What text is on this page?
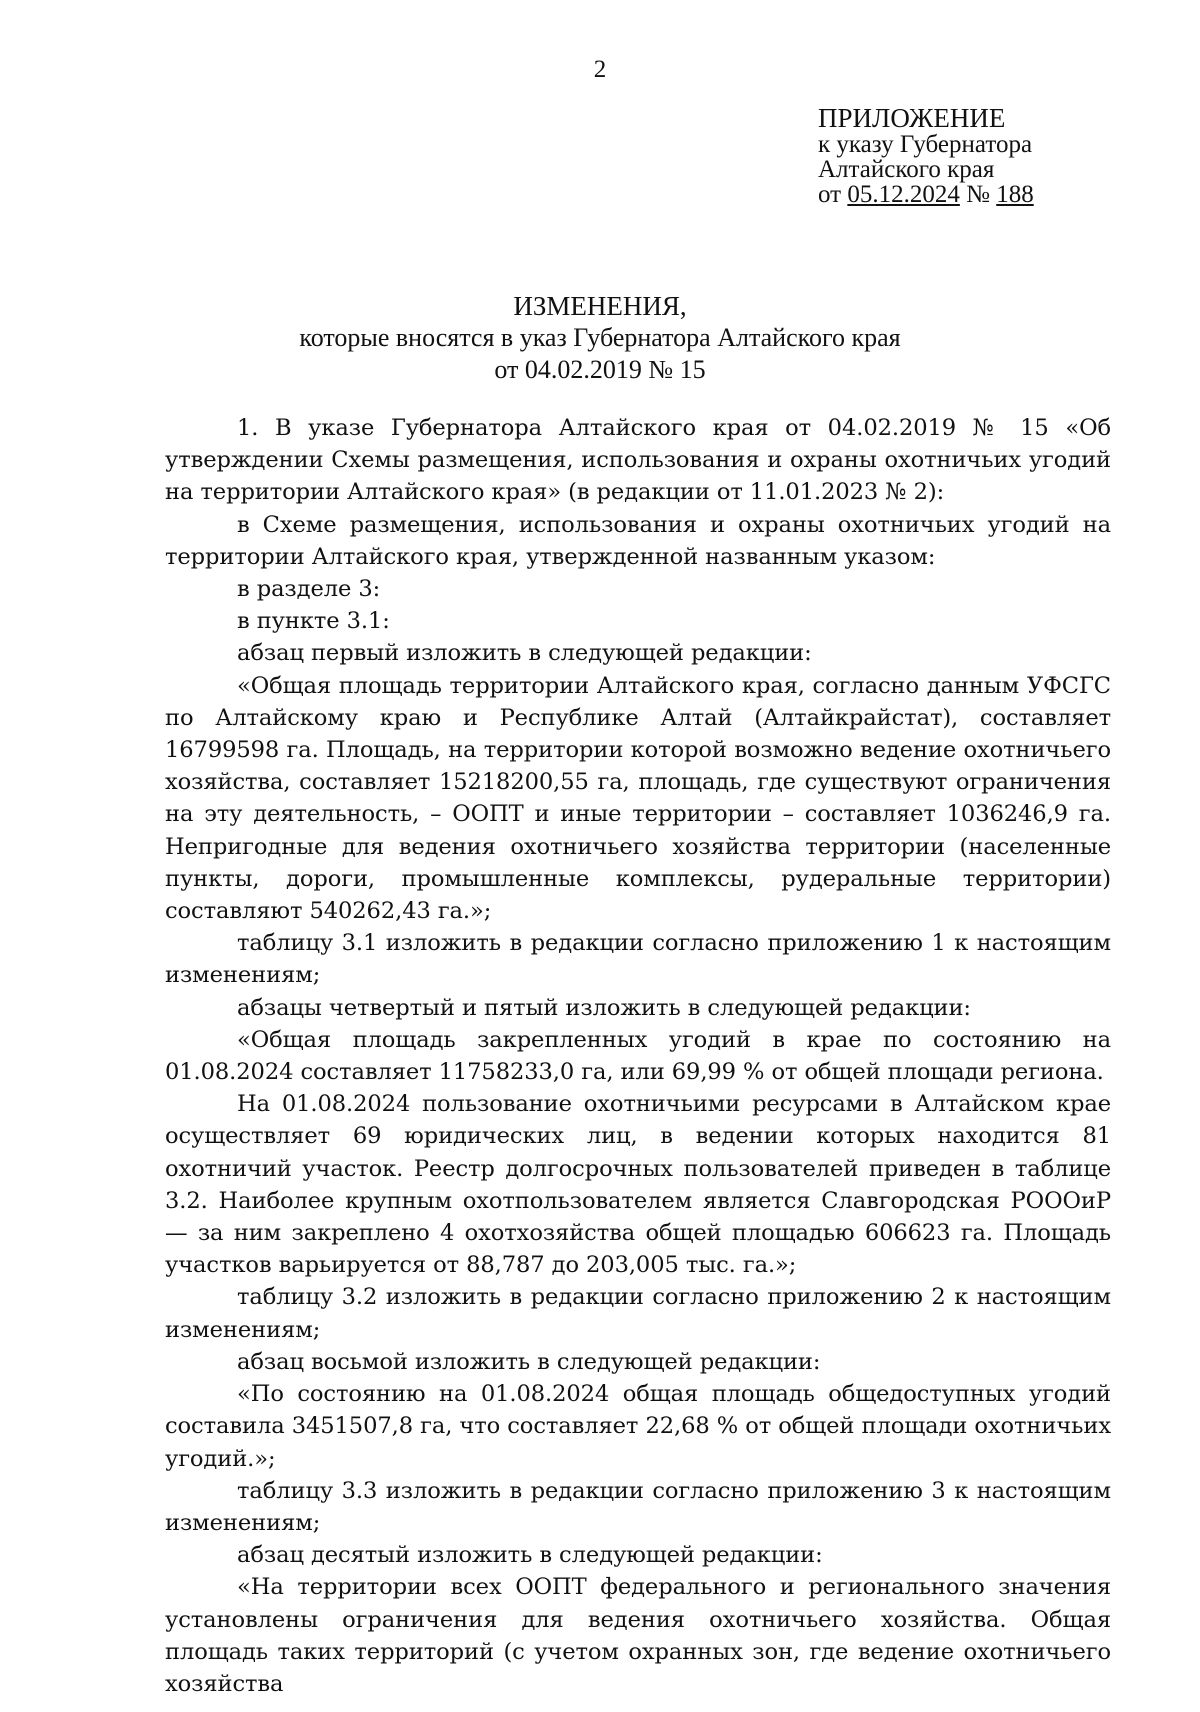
2
ПРИЛОЖЕНИЕ
к указу Губернатора
Алтайского края
от 05.12.2024 № 188
ИЗМЕНЕНИЯ,
которые вносятся в указ Губернатора Алтайского края
от 04.02.2019 № 15

1. В указе Губернатора Алтайского края от 04.02.2019 № 15 «Об утверждении Схемы размещения, использования и охраны охотничьих угодий на территории Алтайского края» (в редакции от 11.01.2023 № 2):

в Схеме размещения, использования и охраны охотничьих угодий на территории Алтайского края, утвержденной названным указом:

в разделе 3:

в пункте 3.1:

абзац первый изложить в следующей редакции:

«Общая площадь территории Алтайского края, согласно данным УФСГС по Алтайскому краю и Республике Алтай (Алтайкрайстат), составляет 16799598 га. Площадь, на территории которой возможно ведение охотничьего хозяйства, составляет 15218200,55 га, площадь, где существуют ограничения на эту деятельность, – ООПТ и иные территории – составляет 1036246,9 га. Непригодные для ведения охотничьего хозяйства территории (населенные пункты, дороги, промышленные комплексы, рудеральные территории) составляют 540262,43 га.»;

таблицу 3.1 изложить в редакции согласно приложению 1 к настоящим изменениям;

абзацы четвертый и пятый изложить в следующей редакции:

«Общая площадь закрепленных угодий в крае по состоянию на 01.08.2024 составляет 11758233,0 га, или 69,99 % от общей площади региона.

На 01.08.2024 пользование охотничьими ресурсами в Алтайском крае осуществляет 69 юридических лиц, в ведении которых находится 81 охотничий участок. Реестр долгосрочных пользователей приведен в таблице 3.2. Наиболее крупным охотпользователем является Славгородская РОООиР — за ним закреплено 4 охотхозяйства общей площадью 606623 га. Площадь участков варьируется от 88,787 до 203,005 тыс. га.»;

таблицу 3.2 изложить в редакции согласно приложению 2 к настоящим изменениям;

абзац восьмой изложить в следующей редакции:

«По состоянию на 01.08.2024 общая площадь общедоступных угодий составила 3451507,8 га, что составляет 22,68 % от общей площади охотничьих угодий.»;

таблицу 3.3 изложить в редакции согласно приложению 3 к настоящим изменениям;

абзац десятый изложить в следующей редакции:

«На территории всех ООПТ федерального и регионального значения установлены ограничения для ведения охотничьего хозяйства. Общая площадь таких территорий (с учетом охранных зон, где ведение охотничьего хозяйства
